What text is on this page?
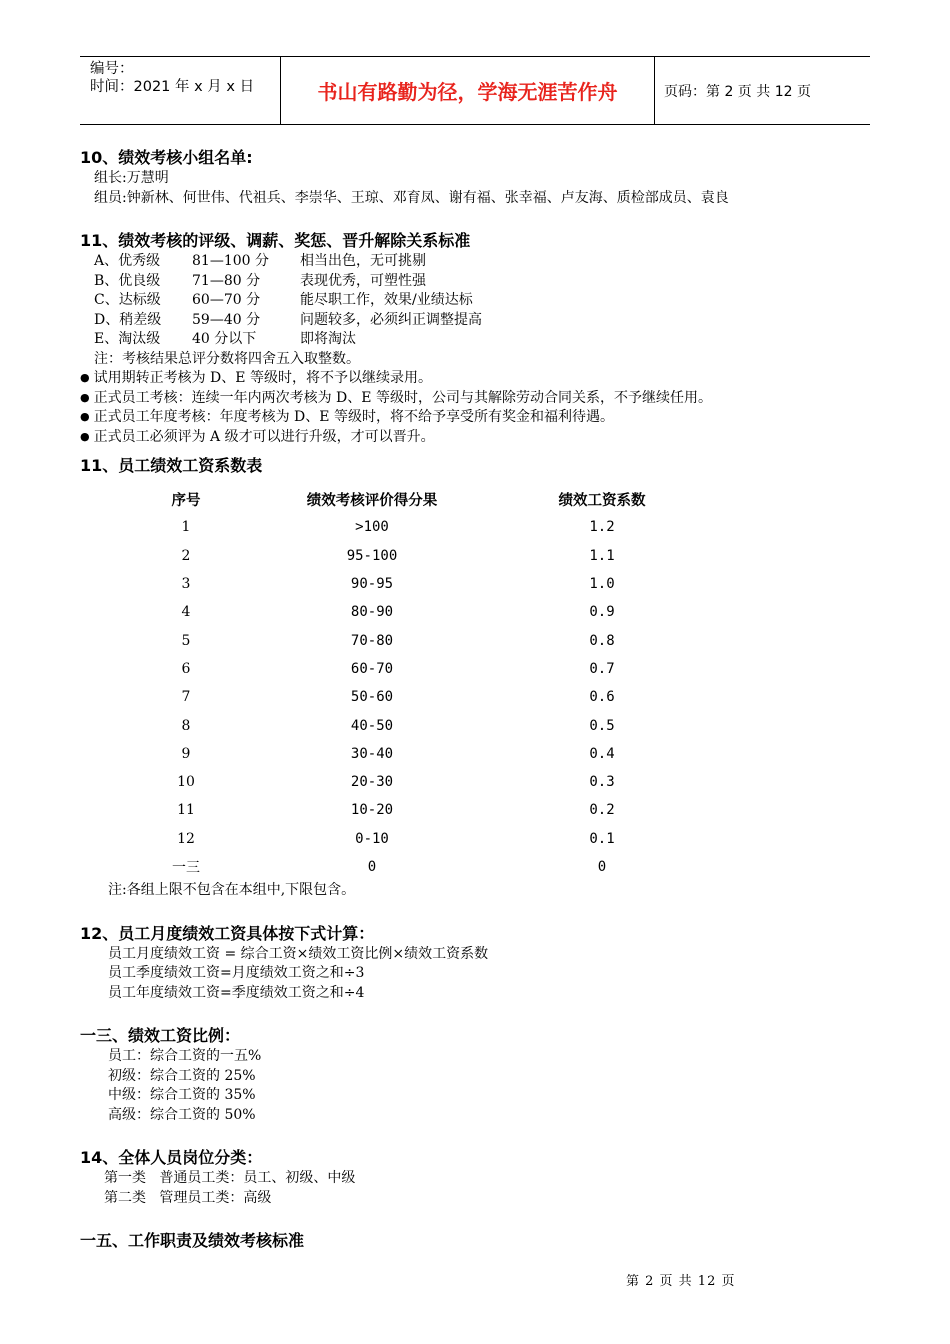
编号：
时间：2021 年 x 月 x 日	书山有路勤为径，学海无涯苦作舟	页码：第 2 页 共 12 页
10、绩效考核小组名单:
组长:万慧明
组员:钟新林、何世伟、代祖兵、李崇华、王琼、邓育凤、谢有福、张幸福、卢友海、质检部成员、袁良
11、绩效考核的评级、调薪、奖惩、晋升解除关系标准
A、优秀级	81—100 分	相当出色，无可挑剔
B、优良级	71—80 分	表现优秀，可塑性强
C、达标级	60—70 分	能尽职工作，效果/业绩达标
D、稍差级	59—40 分	问题较多，必须纠正调整提高
E、淘汰级	40 分以下	即将淘汰
注：考核结果总评分数将四舍五入取整数。
● 试用期转正考核为 D、E 等级时，将不予以继续录用。
● 正式员工考核：连续一年内两次考核为 D、E 等级时，公司与其解除劳动合同关系，不予继续任用。
● 正式员工年度考核：年度考核为 D、E 等级时，将不给予享受所有奖金和福利待遇。
● 正式员工必须评为 A 级才可以进行升级，才可以晋升。
11、员工绩效工资系数表
序号	绩效考核评价得分果	绩效工资系数
1	>100	1.2
2	95-100	1.1
3	90-95	1.0
4	80-90	0.9
5	70-80	0.8
6	60-70	0.7
7	50-60	0.6
8	40-50	0.5
9	30-40	0.4
10	20-30	0.3
11	10-20	0.2
12	0-10	0.1
一三	0	0
注:各组上限不包含在本组中,下限包含。
12、员工月度绩效工资具体按下式计算：
员工月度绩效工资 = 综合工资×绩效工资比例×绩效工资系数
员工季度绩效工资=月度绩效工资之和÷3
员工年度绩效工资=季度绩效工资之和÷4
一三、绩效工资比例：
员工：综合工资的一五%
初级：综合工资的 25%
中级：综合工资的 35%
高级：综合工资的 50%
14、全体人员岗位分类：
第一类   普通员工类：员工、初级、中级
第二类   管理员工类：高级
一五、工作职责及绩效考核标准
第 2 页 共 12 页
